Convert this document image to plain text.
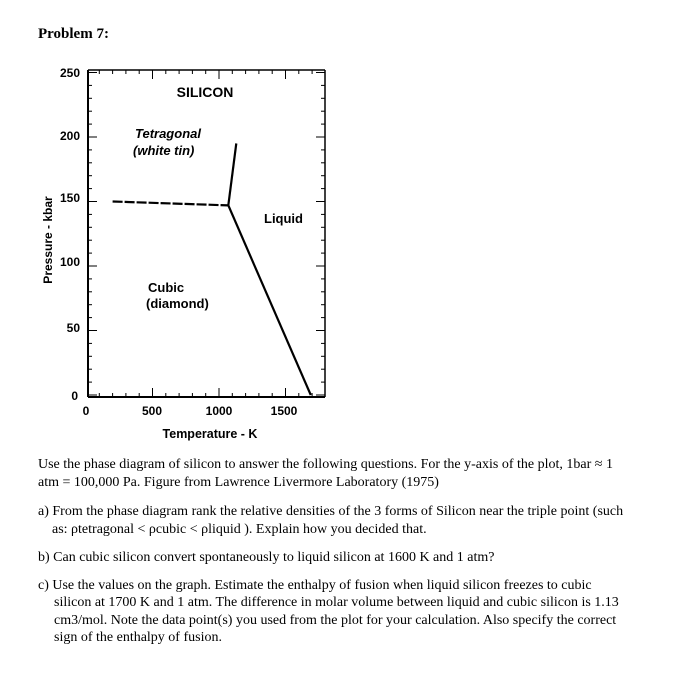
Problem 7:
250
200
150
100
50
0
0	500	1000	1500
Temperature - K
Pressure - kbar
SILICON
Tetragonal
(white tin)
Cubic
(diamond)
Liquid

Use the phase diagram of silicon to answer the following questions. For the y-axis of the plot, 1bar ≈ 1 atm = 100,000 Pa. Figure from Lawrence Livermore Laboratory (1975)

a) From the phase diagram rank the relative densities of the 3 forms of Silicon near the triple point (such as: ρtetragonal < ρcubic < ρliquid ). Explain how you decided that.

b) Can cubic silicon convert spontaneously to liquid silicon at 1600 K and 1 atm?

c) Use the values on the graph. Estimate the enthalpy of fusion when liquid silicon freezes to cubic silicon at 1700 K and 1 atm. The difference in molar volume between liquid and cubic silicon is 1.13 cm3/mol. Note the data point(s) you used from the plot for your calculation. Also specify the correct sign of the enthalpy of fusion.
